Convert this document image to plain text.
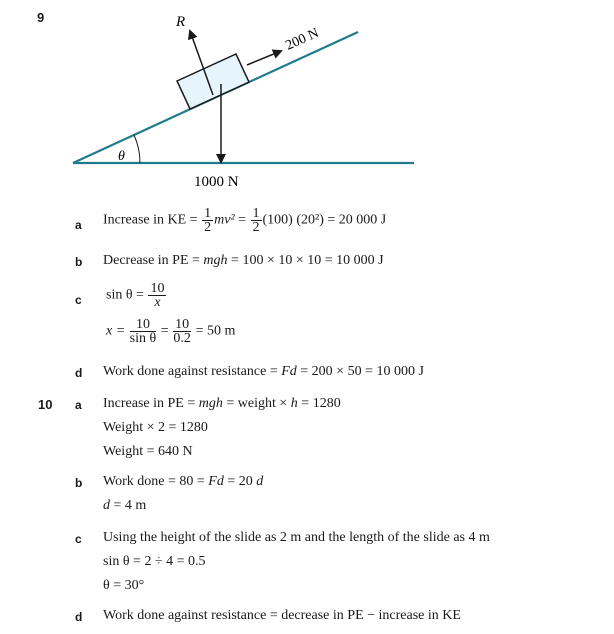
9	R
200 N
1000 N
θ
a Increase in KE = $\frac{1}{2} mv^2 = \frac{1}{2} (100) (20^2) = 20$ 000 J
b Decrease in PE = mgh = 100 × 10 × 10 = 10 000 J
c $\sin \theta = \frac{10}{x}$
$x = \frac{10}{\text{sin θ}} = \frac{10}{0.2} = 50$ m
d Work done against resistance = Fd = 200 × 50 = 10 000 J
10 a Increase in PE = mgh = weight × h = 1280
Weight × 2 = 1280
Weight = 640 N
b Work done = 80 = Fd = 20 d
d = 4 m
c Using the height of the slide as 2 m and the length of the slide as 4 m
sin θ = 2 ÷ 4 = 0.5
θ = 30°
d Work done against resistance = decrease in PE − increase in KE
